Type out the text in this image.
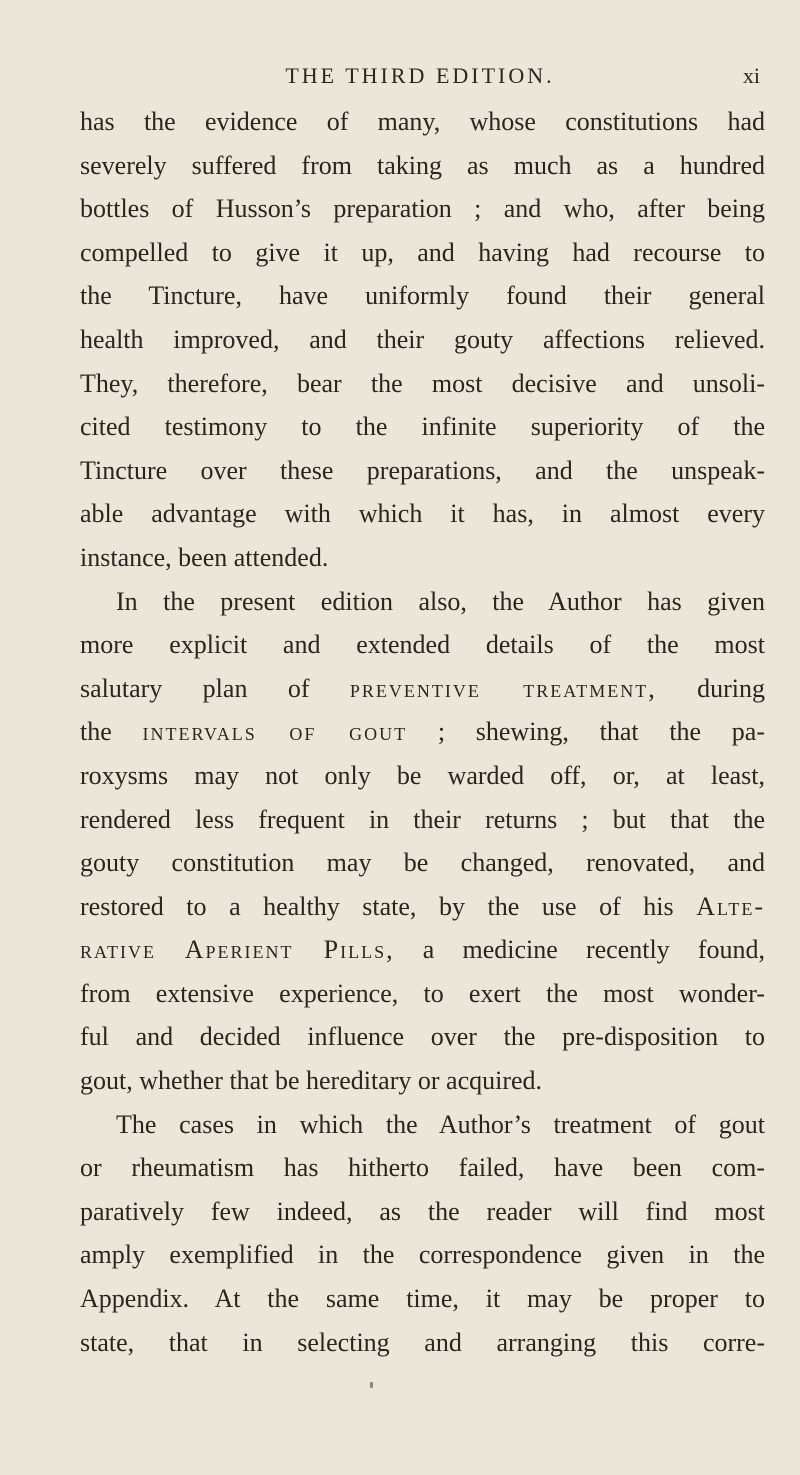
THE THIRD EDITION.	xi
has the evidence of many, whose constitutions had
severely suffered from taking as much as a hundred
bottles of Husson’s preparation ; and who, after being
compelled to give it up, and having had recourse to
the Tincture, have uniformly found their general
health improved, and their gouty affections relieved.
They, therefore, bear the most decisive and unsoli-
cited testimony to the infinite superiority of the
Tincture over these preparations, and the unspeak-
able advantage with which it has, in almost every
instance, been attended.
In the present edition also, the Author has given
more explicit and extended details of the most
salutary plan of preventive treatment, during
the intervals of gout ; shewing, that the pa-
roxysms may not only be warded off, or, at least,
rendered less frequent in their returns ; but that the
gouty constitution may be changed, renovated, and
restored to a healthy state, by the use of his Alte-
rative Aperient Pills, a medicine recently found,
from extensive experience, to exert the most wonder-
ful and decided influence over the pre-disposition to
gout, whether that be hereditary or acquired.
The cases in which the Author’s treatment of gout
or rheumatism has hitherto failed, have been com-
paratively few indeed, as the reader will find most
amply exemplified in the correspondence given in the
Appendix. At the same time, it may be proper to
state, that in selecting and arranging this corre-
